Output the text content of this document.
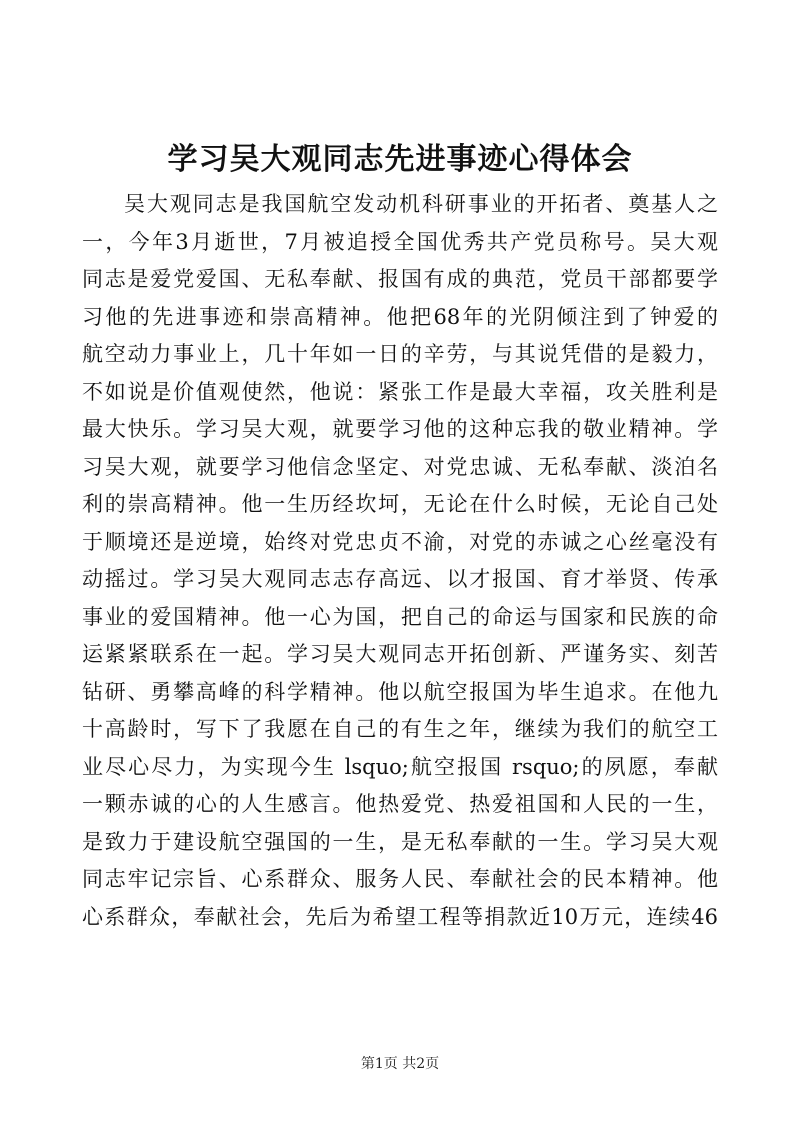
学习吴大观同志先进事迹心得体会
吴大观同志是我国航空发动机科研事业的开拓者、奠基人之
一，今年3月逝世，7月被追授全国优秀共产党员称号。吴大观
同志是爱党爱国、无私奉献、报国有成的典范，党员干部都要学
习他的先进事迹和崇高精神。他把68年的光阴倾注到了钟爱的
航空动力事业上，几十年如一日的辛劳，与其说凭借的是毅力，
不如说是价值观使然，他说：紧张工作是最大幸福，攻关胜利是
最大快乐。学习吴大观，就要学习他的这种忘我的敬业精神。学
习吴大观，就要学习他信念坚定、对党忠诚、无私奉献、淡泊名
利的崇高精神。他一生历经坎坷，无论在什么时候，无论自己处
于顺境还是逆境，始终对党忠贞不渝，对党的赤诚之心丝毫没有
动摇过。学习吴大观同志志存高远、以才报国、育才举贤、传承
事业的爱国精神。他一心为国，把自己的命运与国家和民族的命
运紧紧联系在一起。学习吴大观同志开拓创新、严谨务实、刻苦
钻研、勇攀高峰的科学精神。他以航空报国为毕生追求。在他九
十高龄时，写下了我愿在自己的有生之年，继续为我们的航空工
业尽心尽力，为实现今生 lsquo;航空报国 rsquo;的夙愿，奉献
一颗赤诚的心的人生感言。他热爱党、热爱祖国和人民的一生，
是致力于建设航空强国的一生，是无私奉献的一生。学习吴大观
同志牢记宗旨、心系群众、服务人民、奉献社会的民本精神。他
心系群众，奉献社会，先后为希望工程等捐款近10万元，连续46
第1页 共2页
